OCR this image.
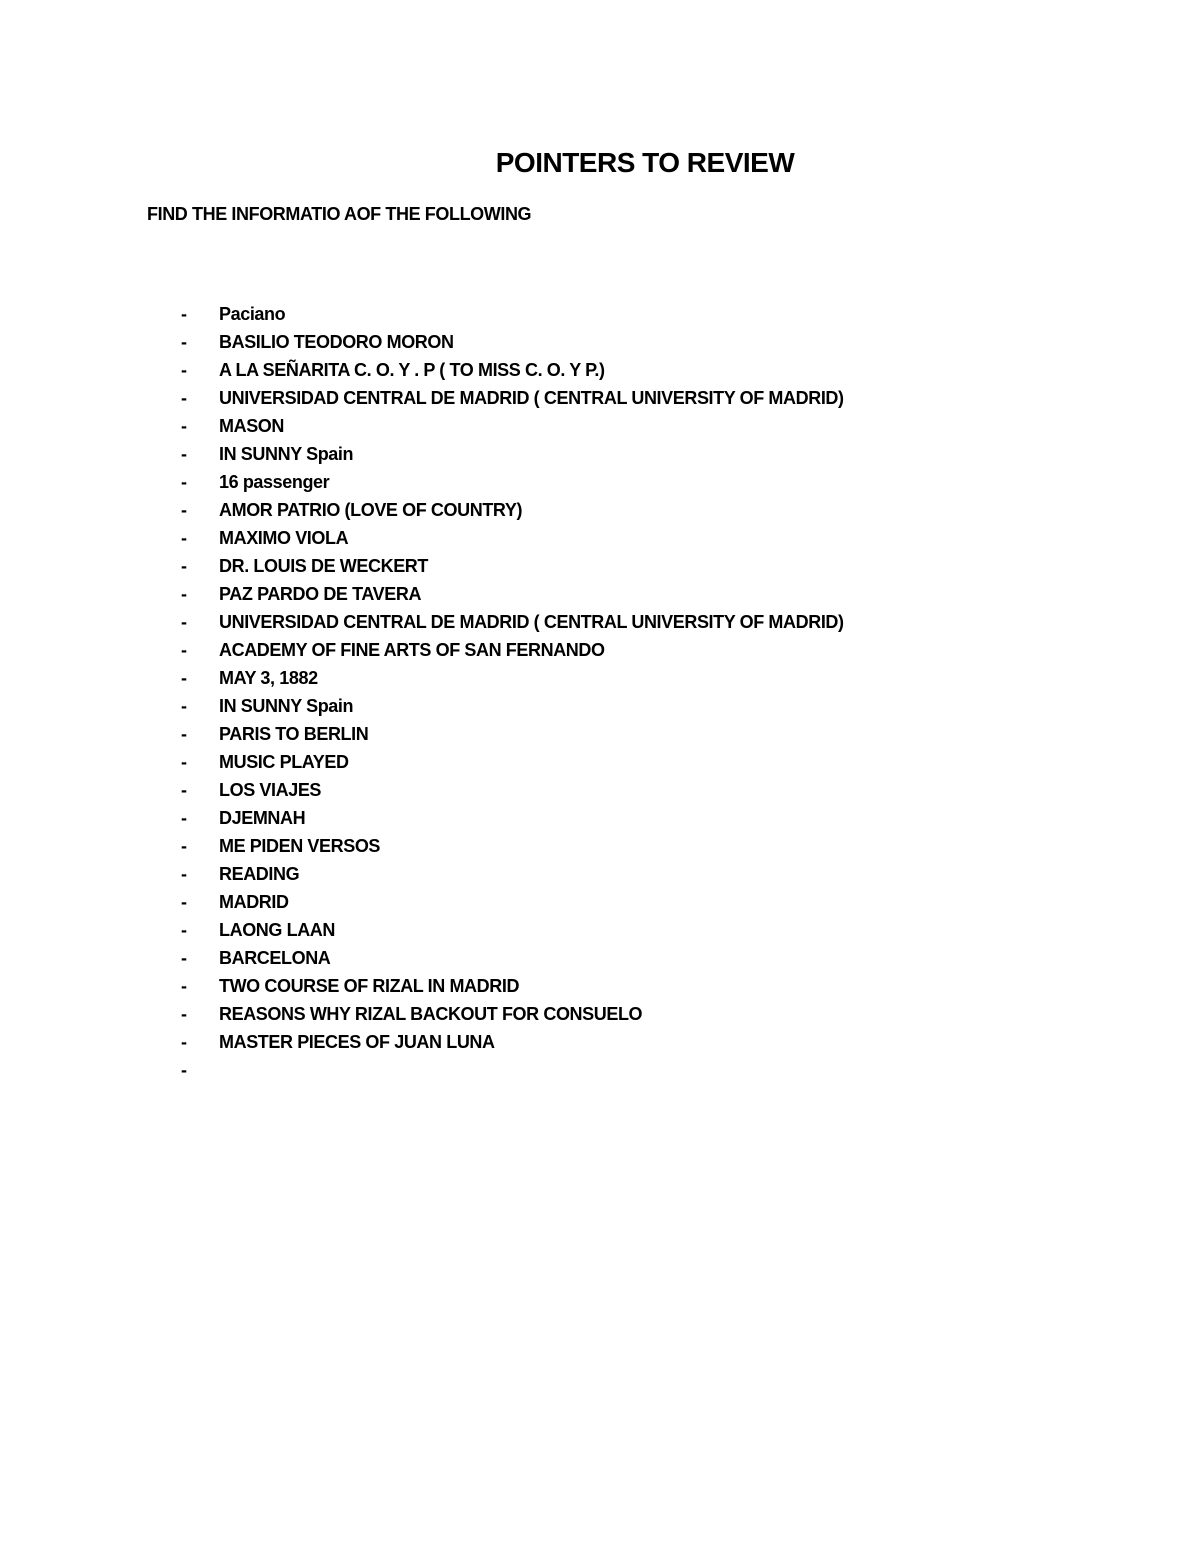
POINTERS TO REVIEW
FIND THE INFORMATIO AOF THE FOLLOWING
-	Paciano
-	BASILIO TEODORO MORON
-	A LA SEÑARITA C. O. Y . P ( TO MISS C. O. Y P.)
-	UNIVERSIDAD CENTRAL DE MADRID ( CENTRAL UNIVERSITY OF MADRID)
-	MASON
-	IN SUNNY Spain
-	16 passenger
-	AMOR PATRIO (LOVE OF COUNTRY)
-	MAXIMO VIOLA
-	DR. LOUIS DE WECKERT
-	PAZ PARDO DE TAVERA
-	UNIVERSIDAD CENTRAL DE MADRID ( CENTRAL UNIVERSITY OF MADRID)
-	ACADEMY OF FINE ARTS OF SAN FERNANDO
-	MAY 3, 1882
-	IN SUNNY Spain
-	PARIS TO BERLIN
-	MUSIC PLAYED
-	LOS VIAJES
-	DJEMNAH
-	ME PIDEN VERSOS
-	READING
-	MADRID
-	LAONG LAAN
-	BARCELONA
-	TWO COURSE OF RIZAL IN MADRID
-	REASONS WHY RIZAL BACKOUT FOR CONSUELO
-	MASTER PIECES OF JUAN LUNA
-
